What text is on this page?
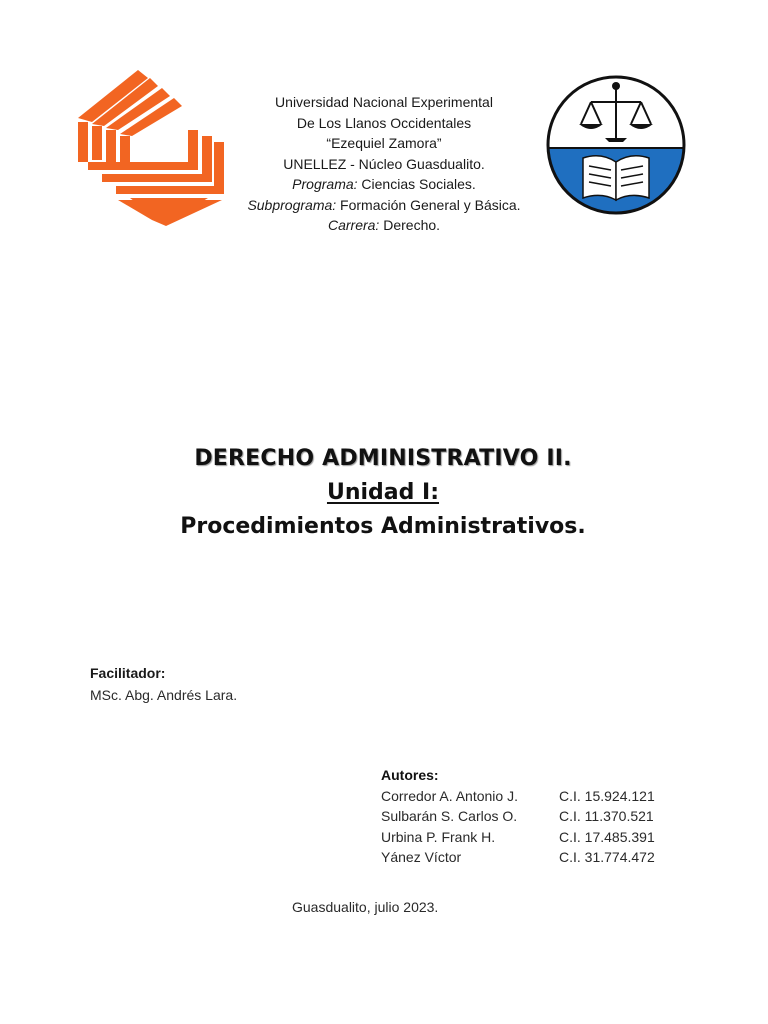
Universidad Nacional Experimental
De Los Llanos Occidentales
“Ezequiel Zamora”
UNELLEZ - Núcleo Guasdualito.
Programa: Ciencias Sociales.
Subprograma: Formación General y Básica.
Carrera: Derecho.
DERECHO ADMINISTRATIVO II.
Unidad I:
Procedimientos Administrativos.
Facilitador:
MSc. Abg. Andrés Lara.
Autores:
Corredor A. Antonio J.	C.I. 15.924.121
Sulbarán S. Carlos O.	C.I. 11.370.521
Urbina P. Frank H.	C.I. 17.485.391
Yánez Víctor	C.I. 31.774.472
Guasdualito, julio 2023.
